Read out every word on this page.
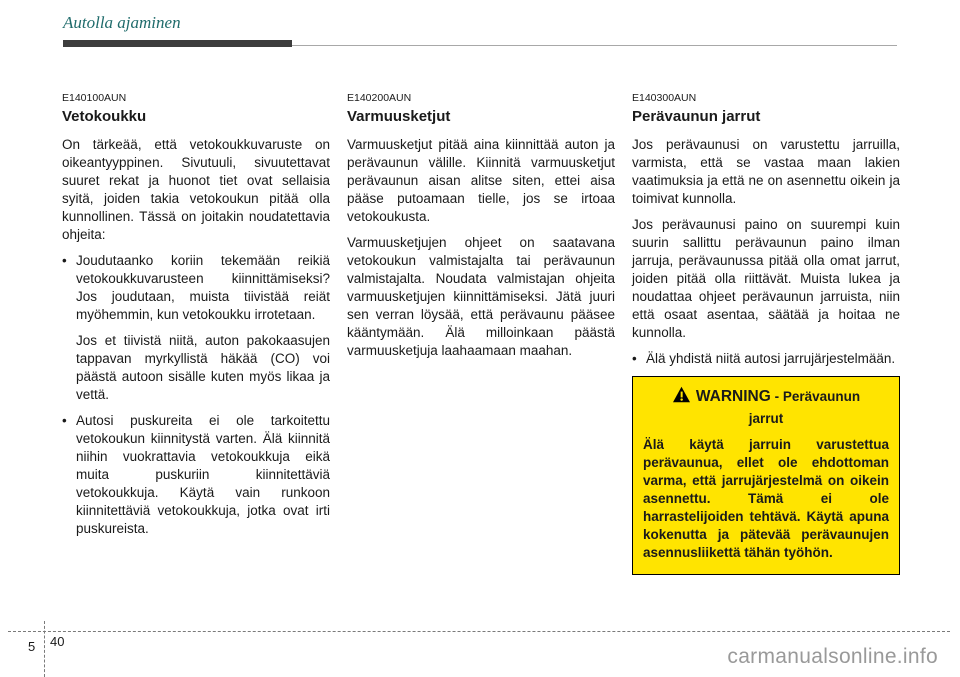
Autolla ajaminen
E140100AUN
Vetokoukku

On tärkeää, että vetokoukkuvaruste on oikeantyyppinen. Sivutuuli, sivuutettavat suuret rekat ja huonot tiet ovat sellaisia syitä, joiden takia vetokoukun pitää olla kunnollinen. Tässä on joitakin noudatettavia ohjeita:

• Joudutaanko koriin tekemään reikiä vetokoukkuvarusteen kiinnittämiseksi? Jos joudutaan, muista tiivistää reiät myöhemmin, kun vetokoukku irrotetaan.

Jos et tiivistä niitä, auton pakokaasujen tappavan myrkyllistä häkää (CO) voi päästä autoon sisälle kuten myös likaa ja vettä.

• Autosi puskureita ei ole tarkoitettu vetokoukun kiinnitystä varten. Älä kiinnitä niihin vuokrattavia vetokoukkuja eikä muita puskuriin kiinnitettäviä vetokoukkuja. Käytä vain runkoon kiinnitettäviä vetokoukkuja, jotka ovat irti puskureista.
E140200AUN
Varmuusketjut

Varmuusketjut pitää aina kiinnittää auton ja perävaunun välille. Kiinnitä varmuusketjut perävaunun aisan alitse siten, ettei aisa pääse putoamaan tielle, jos se irtoaa vetokoukusta.

Varmuusketjujen ohjeet on saatavana vetokoukun valmistajalta tai perävaunun valmistajalta. Noudata valmistajan ohjeita varmuusketjujen kiinnittämiseksi. Jätä juuri sen verran löysää, että perävaunu pääsee kääntymään. Älä milloinkaan päästä varmuusketjuja laahaamaan maahan.

E140300AUN
Perävaunun jarrut

Jos perävaunusi on varustettu jarruilla, varmista, että se vastaa maan lakien vaatimuksia ja että ne on asennettu oikein ja toimivat kunnolla.

Jos perävaunusi paino on suurempi kuin suurin sallittu perävaunun paino ilman jarruja, perävaunussa pitää olla omat jarrut, joiden pitää olla riittävät. Muista lukea ja noudattaa ohjeet perävaunun jarruista, niin että osaat asentaa, säätää ja hoitaa ne kunnolla.

• Älä yhdistä niitä autosi jarrujärjestelmään.
WARNING - Perävaunun jarrut
Älä käytä jarruin varustettua perävaunua, ellet ole ehdottoman varma, että jarrujärjestelmä on oikein asennettu. Tämä ei ole harrastelijoiden tehtävä. Käytä apuna kokenutta ja pätevää perävaunujen asennusliikettä tähän työhön.
5 40
carmanualsonline.info
